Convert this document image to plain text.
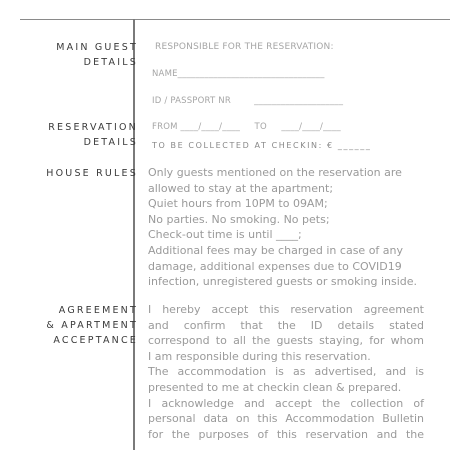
MAIN GUEST
DETAILS
RESERVATION
DETAILS
HOUSE RULES
AGREEMENT
& APARTMENT
ACCEPTANCE
RESPONSIBLE FOR THE RESERVATION:
NAME_________________________________
ID / PASSPORT NR        ____________________
FROM ____/____/____     TO     ____/____/____
TO BE COLLECTED AT CHECKIN: € ______
Only guests mentioned on the reservation are
allowed to stay at the apartment;
Quiet hours from 10PM to 09AM;
No parties. No smoking. No pets;
Check-out time is until ____;
Additional fees may be charged in case of any
damage, additional expenses due to COVID19
infection, unregistered guests or smoking inside.
I hereby accept this reservation agreement
and confirm that the ID details stated
correspond to all the guests staying, for whom
I am responsible during this reservation.
The accommodation is as advertised, and is
presented to me at checkin clean & prepared.
I acknowledge and accept the collection of
personal data on this Accommodation Bulletin
for the purposes of this reservation and the
